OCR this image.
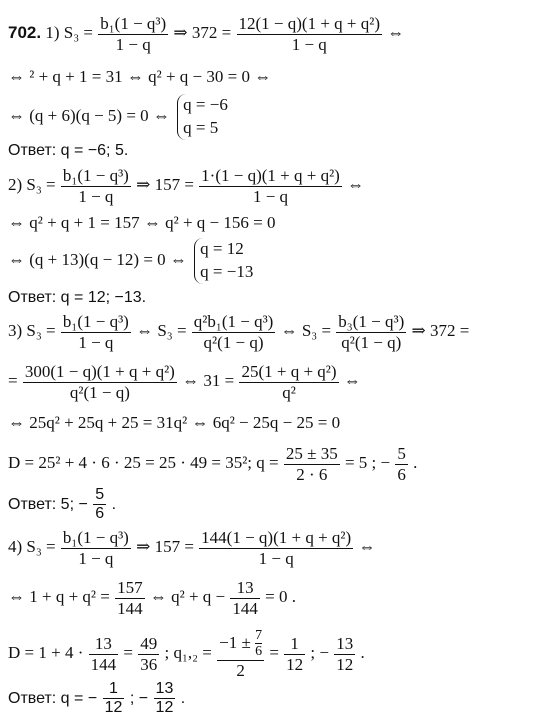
702. 1) $S_3 = \frac{\text{b₁(1 − q³)}}{1 - q}$ ⇒ $372 = \frac{\text{12(1 − q)(1 + q + q²)}}{1 - q}$ ⇔
⇔ ² + q + 1 = 31 ⇔ q² + q − 30 = 0 ⇔
⇔ (q + 6)(q − 5) = 0 ⇔
q = −6
q = 5
Ответ: q = −6; 5.
2) $S_3 = \frac{\text{b₁(1 − q³)}}{1 - q}$ ⇒ $157 = \frac{\text{1·(1 − q)(1 + q + q²)}}{1 - q}$ ⇔
⇔ q² + q + 1 = 157 ⇔ q² + q − 156 = 0
⇔ (q + 13)(q − 12) = 0 ⇔
q = 12
q = −13
Ответ: q = 12; −13.
3) $S_3 = \frac{\text{b₁(1 − q³)}}{1 - q}$ ⇔ $S_3 = \frac{\text{q²b₁(1 − q³)}}{\text{q²(1 − q)}}$ ⇔ $S_3 = \frac{\text{b₃(1 − q³)}}{\text{q²(1 − q)}}$ ⇒ 372 =
= $\frac{\text{300(1 − q)(1 + q + q²)}}{\text{q²(1 − q)}}$ ⇔ $31 = \frac{\text{25(1 + q + q²)}}{\text{q²}}$ ⇔
⇔ 25q² + 25q + 25 = 31q² ⇔ 6q² − 25q − 25 = 0
D = 25² + 4 · 6 · 25 = 25 · 49 = 35²; $q = \frac{25 \pm 35}{2 \cdot 6} = 5$ ; − $\frac{5}{6}$ .
Ответ: 5; − $\frac{5}{6}$ .
4) $S_3 = \frac{\text{b₁(1 − q³)}}{1 - q}$ ⇒ $157 = \frac{\text{144(1 − q)(1 + q + q²)}}{1 - q}$ ⇔
⇔ $1 + q + q^2 = \frac{157}{144}$ ⇔ $q^2 + q - \frac{13}{144} = 0$ .
$D = 1 + 4 \cdot \frac{13}{144} = \frac{49}{36}$ ; $q_1,_2 = \frac{-1 \pm \frac{7}{6}}{2} = \frac{1}{12}$ ; − $\frac{13}{12}$ .
Ответ: q = − $\frac{1}{12}$ ; − $\frac{13}{12}$ .
